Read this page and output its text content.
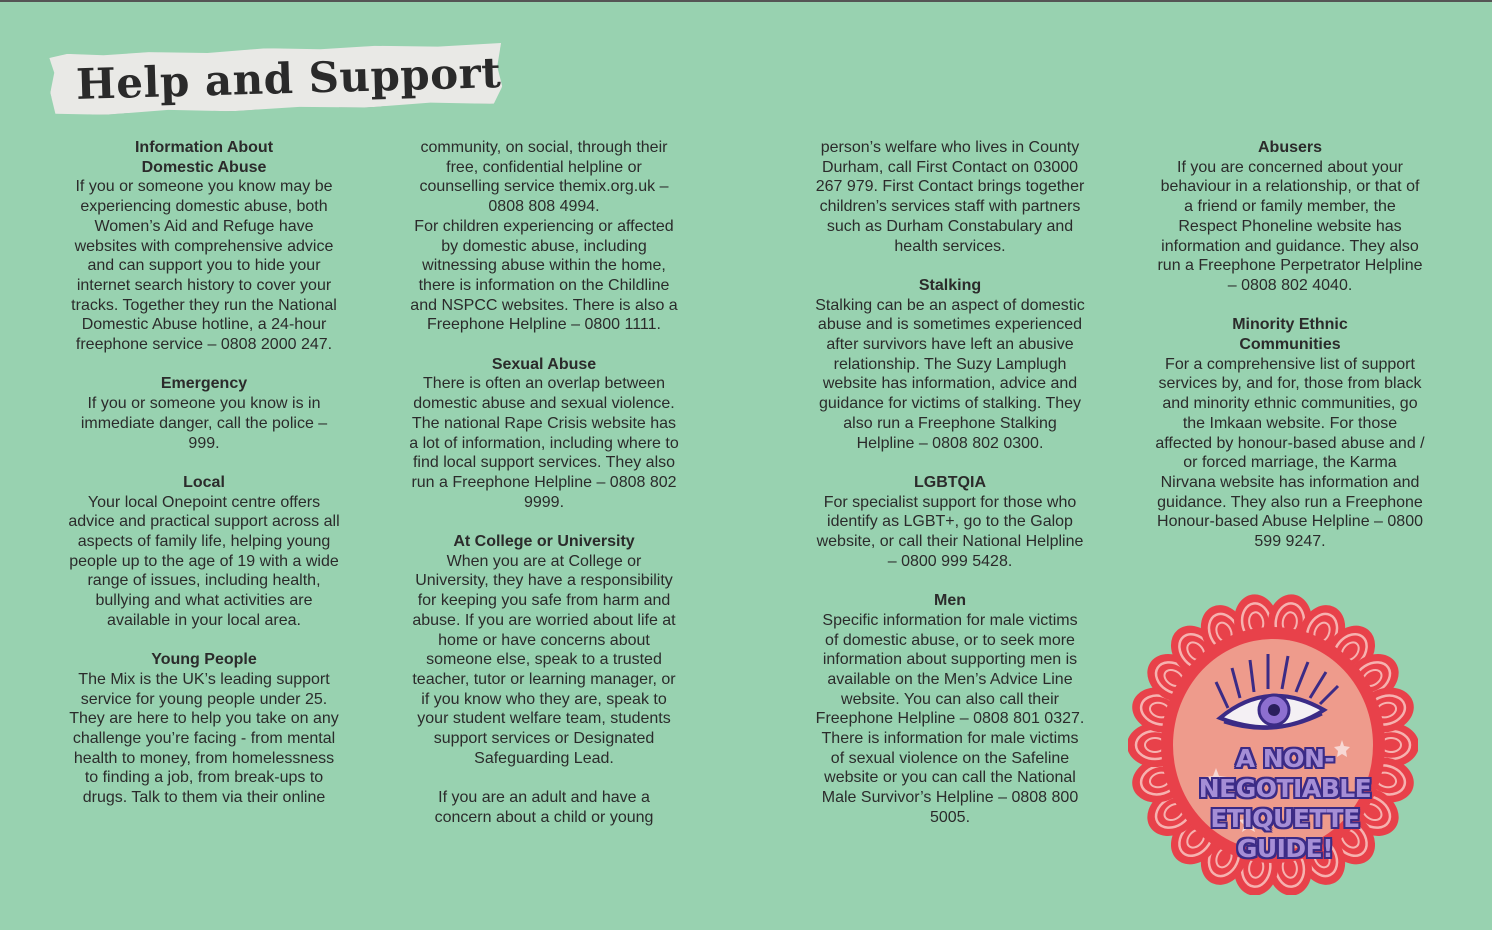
Help and Support

Information About
Domestic Abuse

If you or someone you know may be experiencing domestic abuse, both Women’s Aid and Refuge have websites with comprehensive advice and can support you to hide your internet search history to cover your tracks. Together they run the National Domestic Abuse hotline, a 24-hour freephone service – 0808 2000 247.

Emergency

If you or someone you know is in immediate danger, call the police – 999.

Local

Your local Onepoint centre offers advice and practical support across all aspects of family life, helping young people up to the age of 19 with a wide range of issues, including health, bullying and what activities are available in your local area.

Young People

The Mix is the UK’s leading support service for young people under 25. They are here to help you take on any challenge you’re facing - from mental health to money, from homelessness to finding a job, from break-ups to drugs. Talk to them via their online

community, on social, through their free, confidential helpline or counselling service themix.org.uk – 0808 808 4994.

For children experiencing or affected by domestic abuse, including witnessing abuse within the home, there is information on the Childline and NSPCC websites. There is also a Freephone Helpline – 0800 1111.

Sexual Abuse

There is often an overlap between domestic abuse and sexual violence. The national Rape Crisis website has a lot of information, including where to find local support services. They also run a Freephone Helpline – 0808 802 9999.

At College or University

When you are at College or University, they have a responsibility for keeping you safe from harm and abuse. If you are worried about life at home or have concerns about someone else, speak to a trusted teacher, tutor or learning manager, or if you know who they are, speak to your student welfare team, students support services or Designated Safeguarding Lead.

If you are an adult and have a concern about a child or young

person’s welfare who lives in County Durham, call First Contact on 03000 267 979. First Contact brings together children’s services staff with partners such as Durham Constabulary and health services.

Stalking

Stalking can be an aspect of domestic abuse and is sometimes experienced after survivors have left an abusive relationship. The Suzy Lamplugh website has information, advice and guidance for victims of stalking. They also run a Freephone Stalking Helpline – 0808 802 0300.

LGBTQIA

For specialist support for those who identify as LGBT+, go to the Galop website, or call their National Helpline – 0800 999 5428.

Men

Specific information for male victims of domestic abuse, or to seek more information about supporting men is available on the Men’s Advice Line website. You can also call their Freephone Helpline – 0808 801 0327. There is information for male victims of sexual violence on the Safeline website or you can call the National Male Survivor’s Helpline – 0808 800 5005.

Abusers

If you are concerned about your behaviour in a relationship, or that of a friend or family member, the Respect Phoneline website has information and guidance. They also run a Freephone Perpetrator Helpline – 0808 802 4040.

Minority Ethnic
Communities

For a comprehensive list of support services by, and for, those from black and minority ethnic communities, go the Imkaan website. For those affected by honour-based abuse and / or forced marriage, the Karma Nirvana website has information and guidance. They also run a Freephone Honour-based Abuse Helpline – 0800 599 9247.

A NON-NEGOTIABLE
ETIQUETTE GUIDE!
